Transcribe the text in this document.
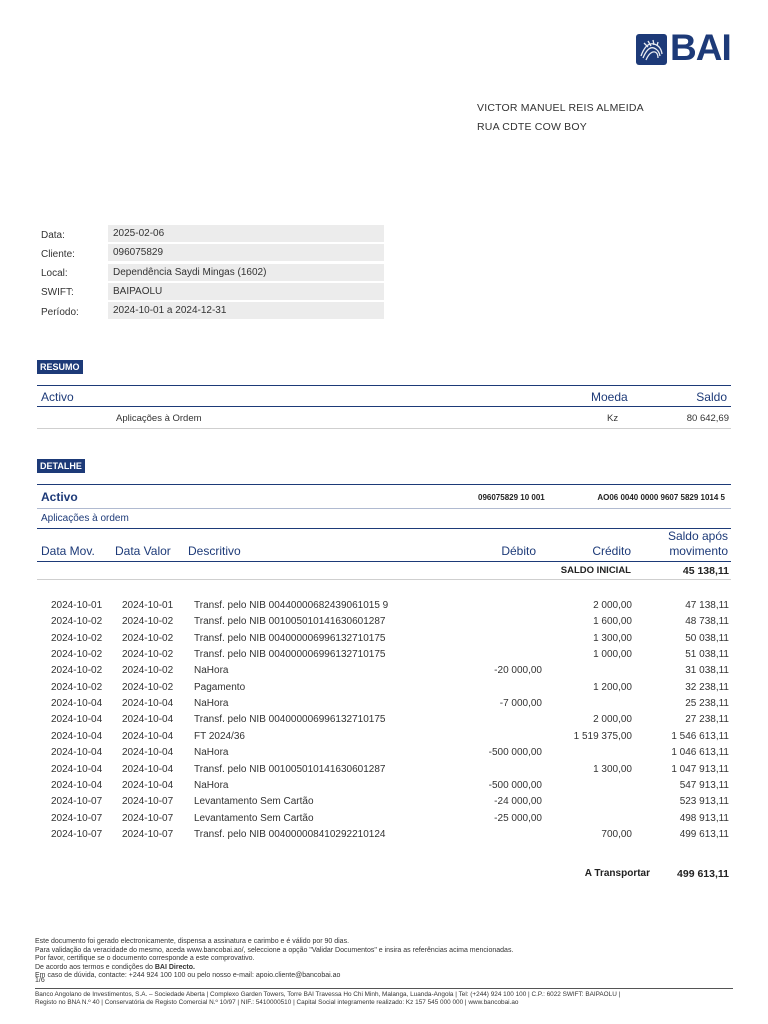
BAI
VICTOR MANUEL REIS ALMEIDA
RUA CDTE COW BOY
Data:	2025-02-06
Cliente:	096075829
Local:	Dependência Saydi Mingas (1602)
SWIFT:	BAIPAOLU
Período:	2024-10-01 a 2024-12-31
RESUMO
Activo	Moeda	Saldo
Aplicações à Ordem	Kz	80 642,69
DETALHE
Activo	096075829 10 001	AO06 0040 0000 9607 5829 1014 5
Aplicações à ordem
Data Mov. Data Valor Descritivo	Débito	Crédito
Saldo após
movimento
SALDO INICIAL	45 138,11
2024-10-01 2024-10-01 Transf. pelo NIB 00440000682439061015 9	2 000,00	47 138,11
2024-10-02 2024-10-02 Transf. pelo NIB 001005010141630601287	1 600,00	48 738,11
2024-10-02 2024-10-02 Transf. pelo NIB 004000006996132710175	1 300,00	50 038,11
2024-10-02 2024-10-02 Transf. pelo NIB 004000006996132710175	1 000,00	51 038,11
2024-10-02 2024-10-02 NaHora	-20 000,00	31 038,11
2024-10-02 2024-10-02 Pagamento	1 200,00	32 238,11
2024-10-04 2024-10-04 NaHora	-7 000,00	25 238,11
2024-10-04 2024-10-04 Transf. pelo NIB 004000006996132710175	2 000,00	27 238,11
2024-10-04 2024-10-04 FT 2024/36	1 519 375,00	1 546 613,11
2024-10-04 2024-10-04 NaHora	-500 000,00	1 046 613,11
2024-10-04 2024-10-04 Transf. pelo NIB 001005010141630601287	1 300,00	1 047 913,11
2024-10-04 2024-10-04 NaHora	-500 000,00	547 913,11
2024-10-07 2024-10-07 Levantamento Sem Cartão	-24 000,00	523 913,11
2024-10-07 2024-10-07 Levantamento Sem Cartão	-25 000,00	498 913,11
2024-10-07 2024-10-07 Transf. pelo NIB 004000008410292210124	700,00	499 613,11
A Transportar	499 613,11
Este documento foi gerado electronicamente, dispensa a assinatura e carimbo e é válido por 90 dias.
Para validação da veracidade do mesmo, aceda www.bancobai.ao/, seleccione a opção "Validar Documentos" e insira as referências acima mencionadas.
Por favor, certifique se o documento corresponde a este comprovativo.
De acordo aos termos e condições do BAI Directo.
Em caso de dúvida, contacte: +244 924 100 100 ou pelo nosso e-mail: apoio.cliente@bancobai.ao
1/6
Banco Angolano de Investimentos, S.A. – Sociedade Aberta | Complexo Garden Towers, Torre BAI Travessa Ho Chi Minh, Malanga, Luanda-Angola | Tel: (+244) 924 100 100 | C.P.: 6022 SWIFT: BAIPAOLU |
Registo no BNA N.º 40 | Conservatória de Registo Comercial N.º 10/97 | NIF.: 5410000510 | Capital Social integramente realizado: Kz 157 545 000 000 | www.bancobai.ao
